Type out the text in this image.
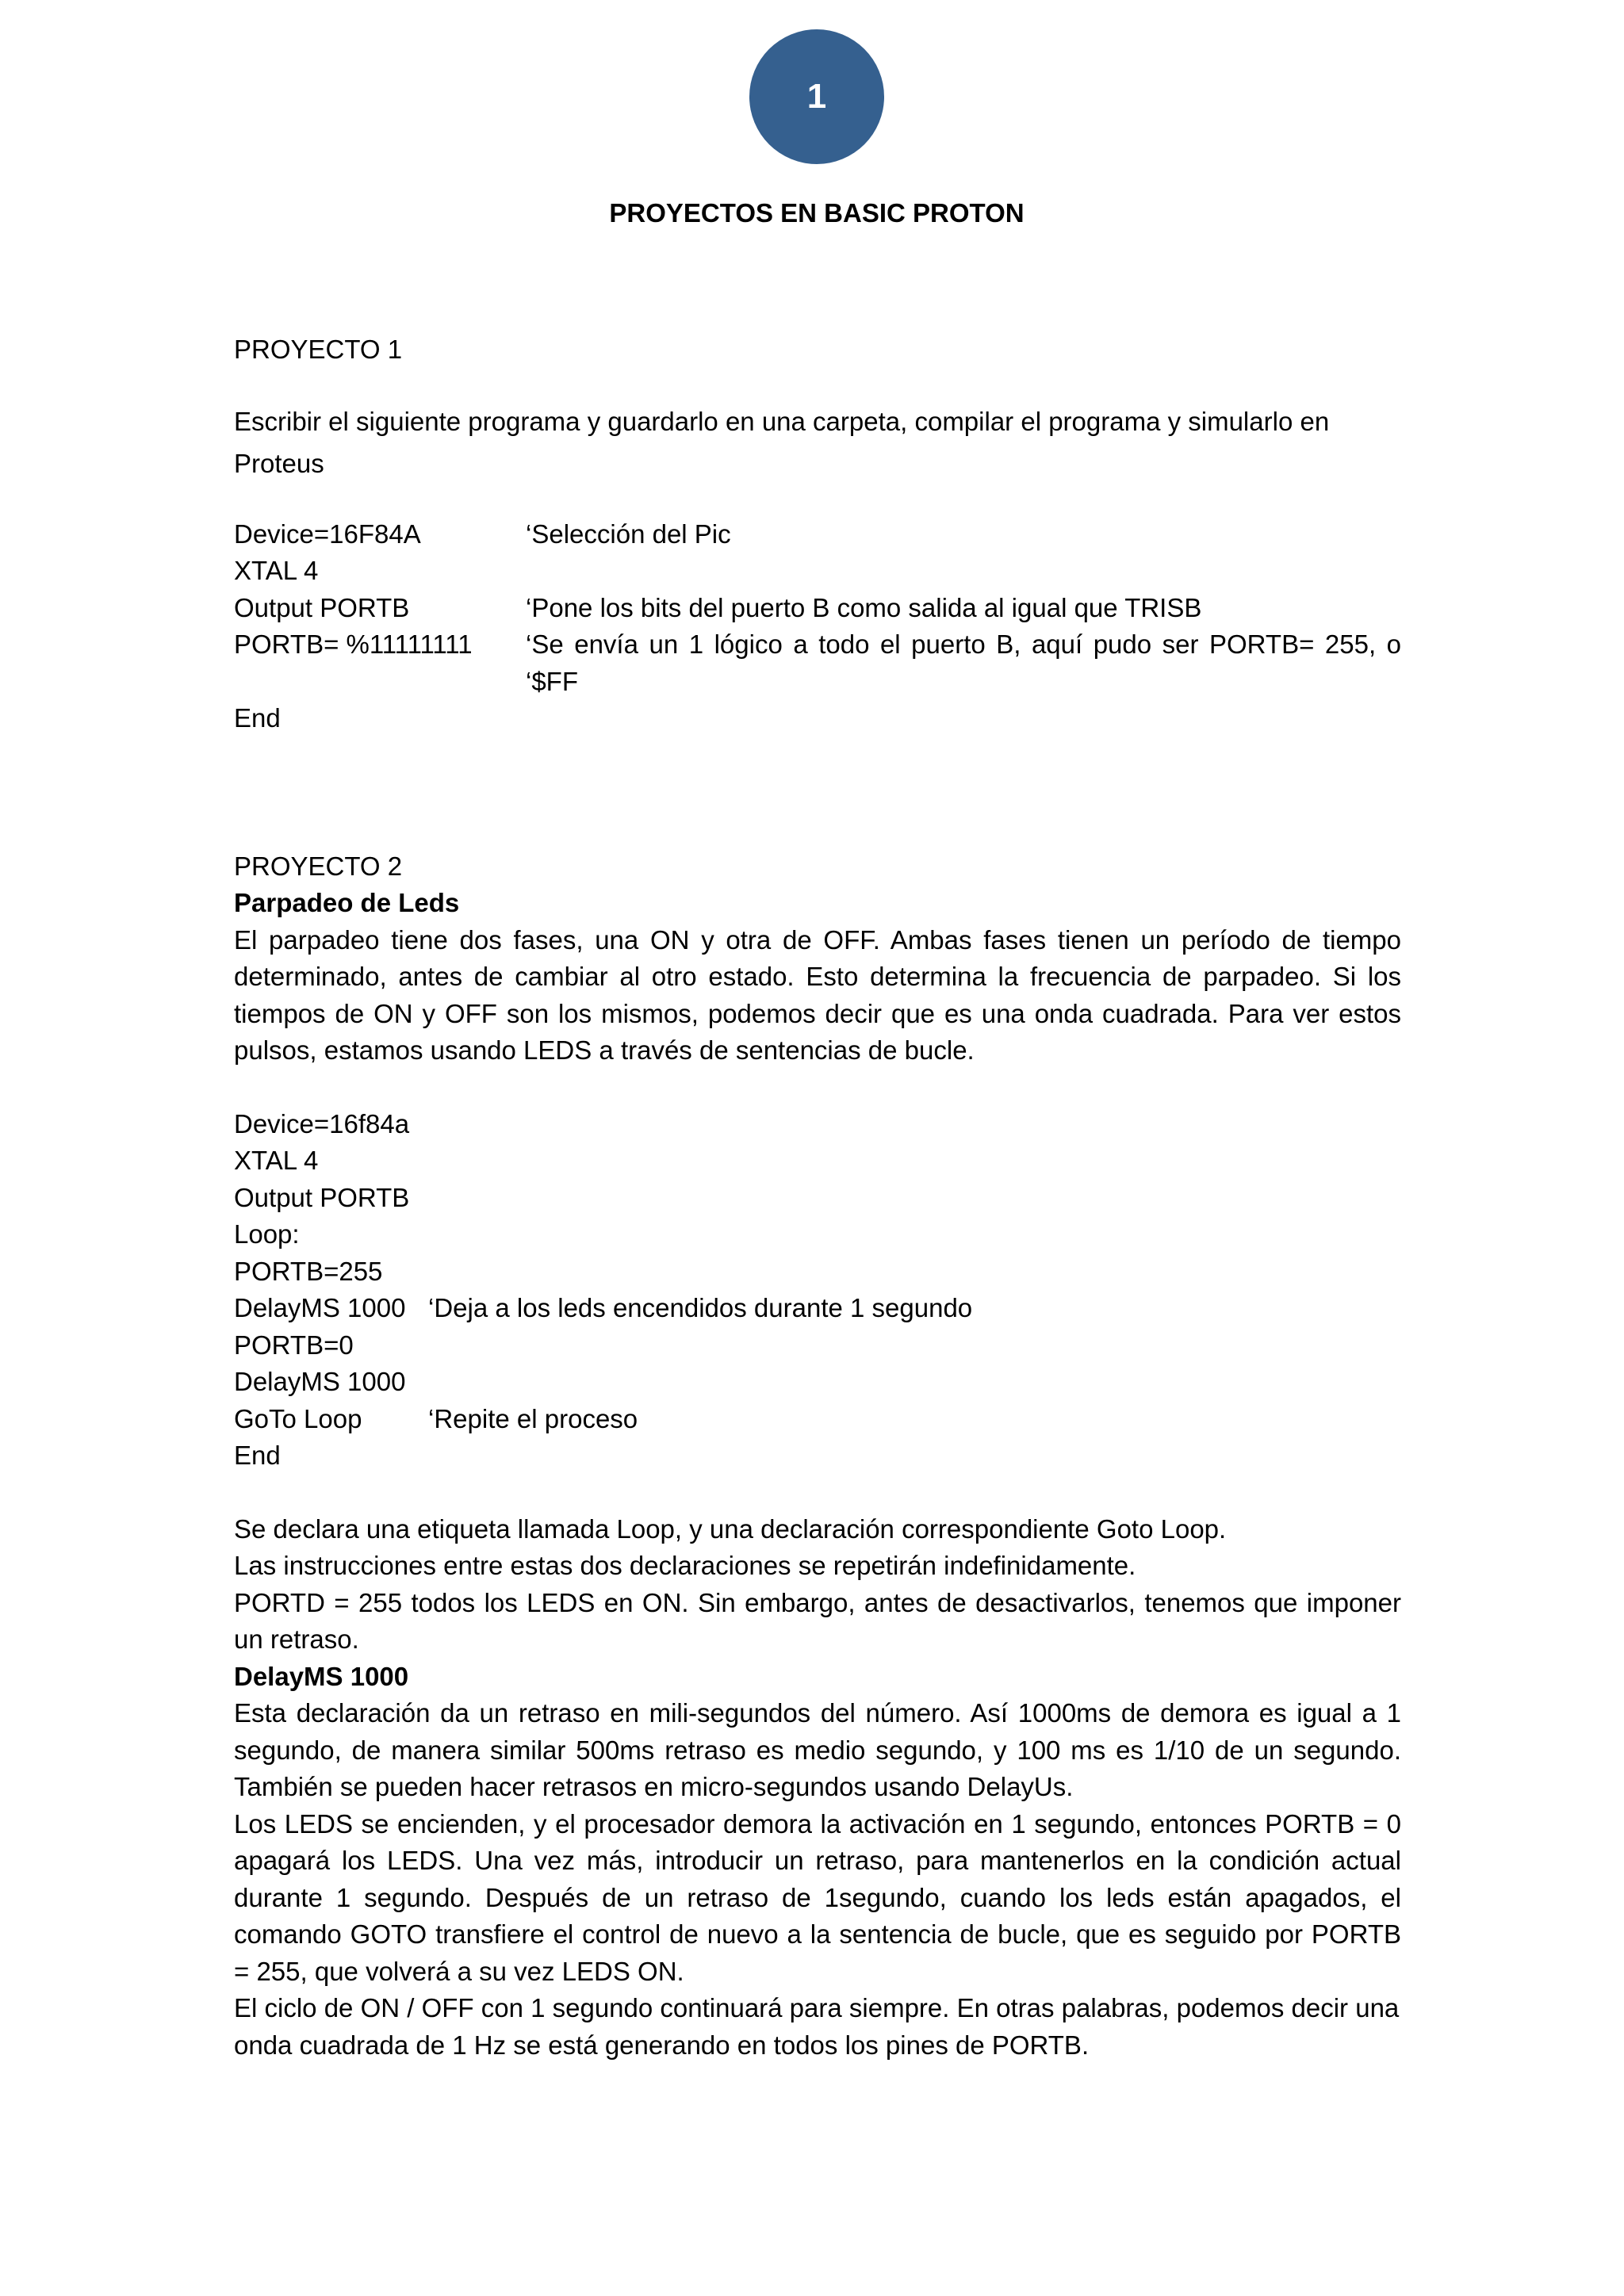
1
PROYECTOS EN BASIC PROTON

PROYECTO 1

Escribir el siguiente programa y guardarlo en una carpeta, compilar el programa y simularlo en
Proteus
Device=16F84A	‘Selección del Pic
XTAL 4
Output PORTB	‘Pone los bits del puerto B como salida al igual que TRISB
PORTB= %11111111	‘Se envía un 1 lógico a todo el puerto B, aquí pudo ser PORTB= 255, o ‘$FF
End

PROYECTO 2

Parpadeo de Leds

El parpadeo tiene dos fases, una ON y otra de OFF. Ambas fases tienen un período de tiempo determinado, antes de cambiar al otro estado. Esto determina la frecuencia de parpadeo. Si los tiempos de ON y OFF son los mismos, podemos decir que es una onda cuadrada. Para ver estos pulsos, estamos usando LEDS a través de sentencias de bucle.

Device=16f84a
XTAL 4
Output PORTB
Loop:
PORTB=255
DelayMS 1000 ‘Deja a los leds encendidos durante 1 segundo
PORTB=0
DelayMS 1000
GoTo Loop	‘Repite el proceso
End

Se declara una etiqueta llamada Loop, y una declaración correspondiente Goto Loop.

Las instrucciones entre estas dos declaraciones se repetirán indefinidamente.

PORTD = 255 todos los LEDS en ON. Sin embargo, antes de desactivarlos, tenemos que imponer un retraso.

DelayMS 1000

Esta declaración da un retraso en mili-segundos del número. Así 1000ms de demora es igual a 1 segundo, de manera similar 500ms retraso es medio segundo, y 100 ms es 1/10 de un segundo. También se pueden hacer retrasos en micro-segundos usando DelayUs.

Los LEDS se encienden, y el procesador demora la activación en 1 segundo, entonces PORTB = 0 apagará los LEDS. Una vez más, introducir un retraso, para mantenerlos en la condición actual durante 1 segundo. Después de un retraso de 1segundo, cuando los leds están apagados, el comando GOTO transfiere el control de nuevo a la sentencia de bucle, que es seguido por PORTB = 255, que volverá a su vez LEDS ON.

El ciclo de ON / OFF con 1 segundo continuará para siempre. En otras palabras, podemos decir una onda cuadrada de 1 Hz se está generando en todos los pines de PORTB.
